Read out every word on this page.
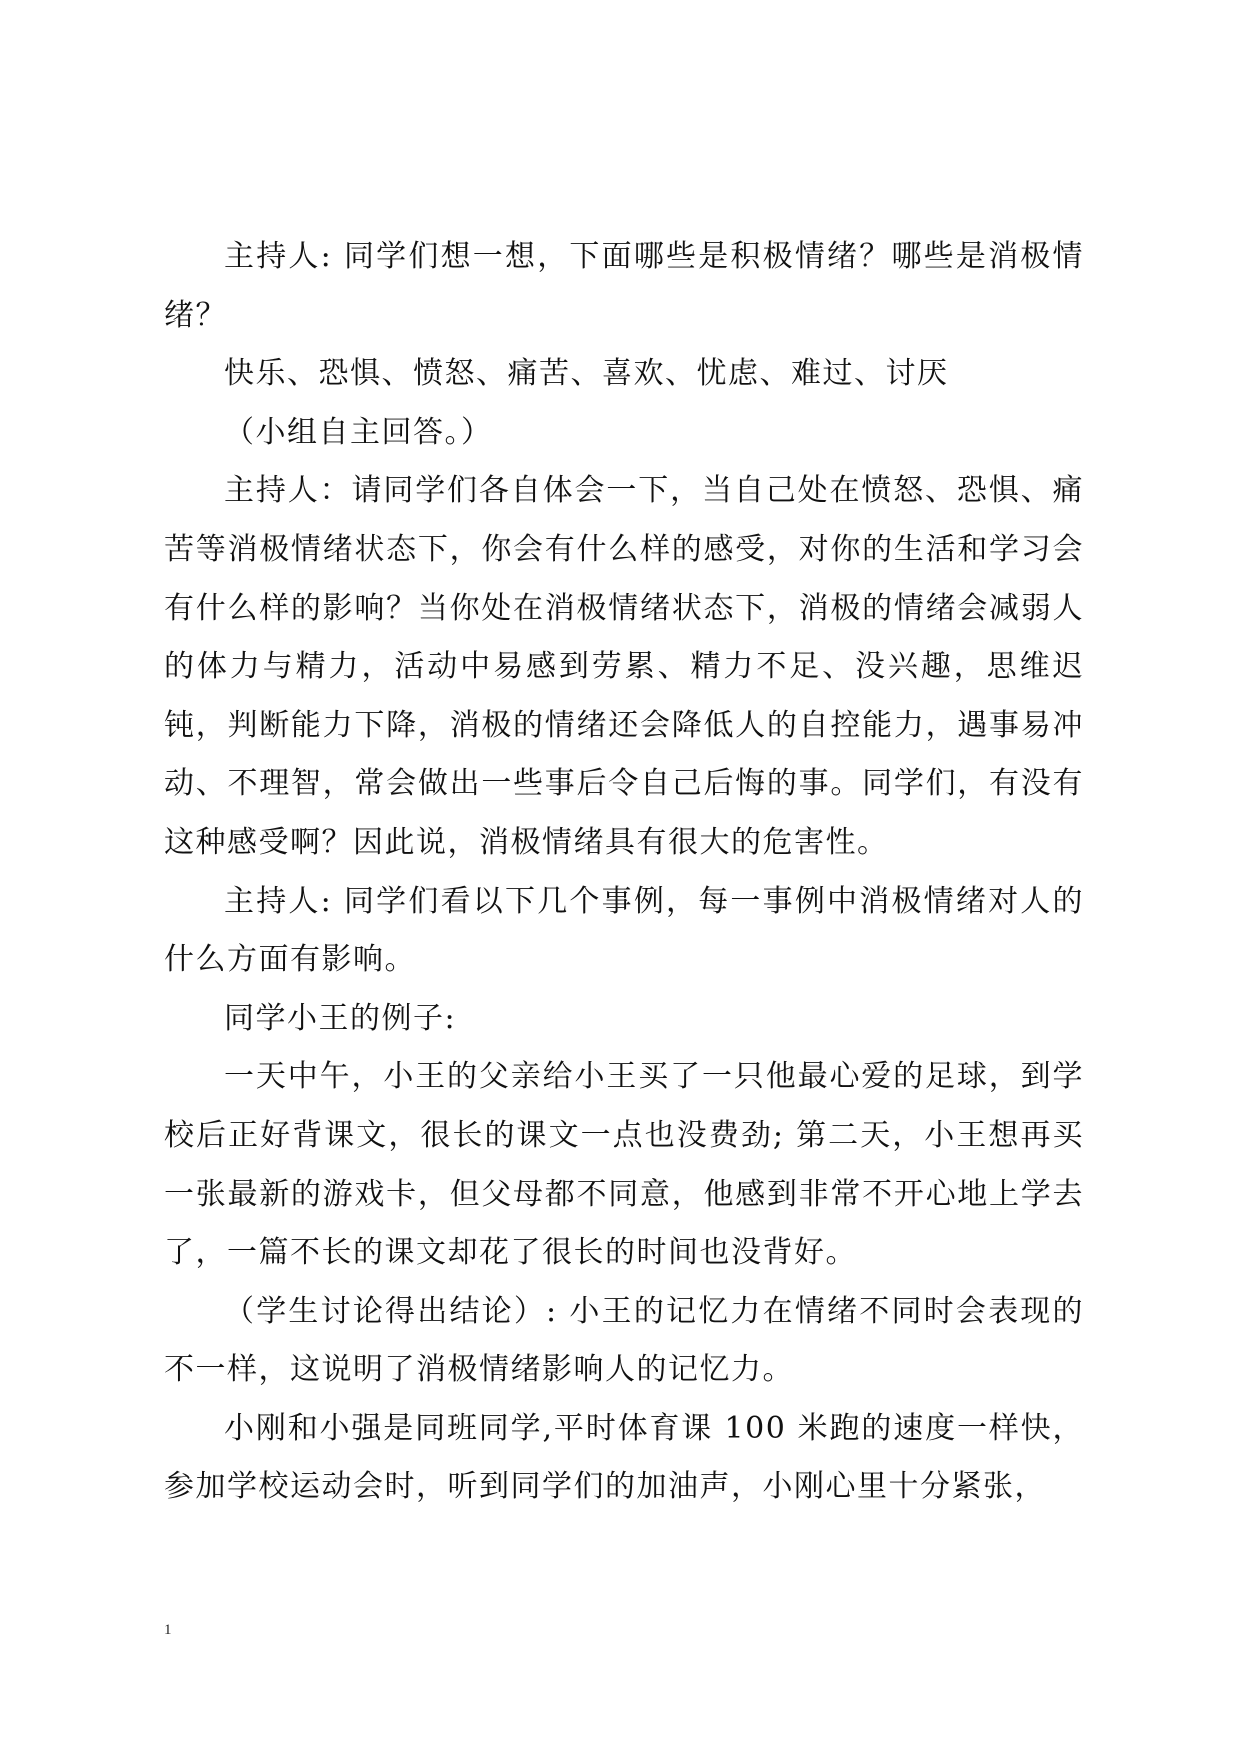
主持人: 同学们想一想，下面哪些是积极情绪？哪些是消极情绪？

快乐、恐惧、愤怒、痛苦、喜欢、忧虑、难过、讨厌

（小组自主回答。）

主持人：请同学们各自体会一下，当自己处在愤怒、恐惧、痛苦等消极情绪状态下，你会有什么样的感受，对你的生活和学习会有什么样的影响？当你处在消极情绪状态下，消极的情绪会减弱人的体力与精力，活动中易感到劳累、精力不足、没兴趣，思维迟钝，判断能力下降，消极的情绪还会降低人的自控能力，遇事易冲动、不理智，常会做出一些事后令自己后悔的事。同学们，有没有这种感受啊？因此说，消极情绪具有很大的危害性。

主持人: 同学们看以下几个事例，每一事例中消极情绪对人的什么方面有影响。

同学小王的例子:

一天中午，小王的父亲给小王买了一只他最心爱的足球，到学校后正好背课文，很长的课文一点也没费劲; 第二天，小王想再买一张最新的游戏卡，但父母都不同意，他感到非常不开心地上学去了，一篇不长的课文却花了很长的时间也没背好。

（学生讨论得出结论）: 小王的记忆力在情绪不同时会表现的不一样，这说明了消极情绪影响人的记忆力。

小刚和小强是同班同学,平时体育课 100 米跑的速度一样快，参加学校运动会时，听到同学们的加油声，小刚心里十分紧张，

1
